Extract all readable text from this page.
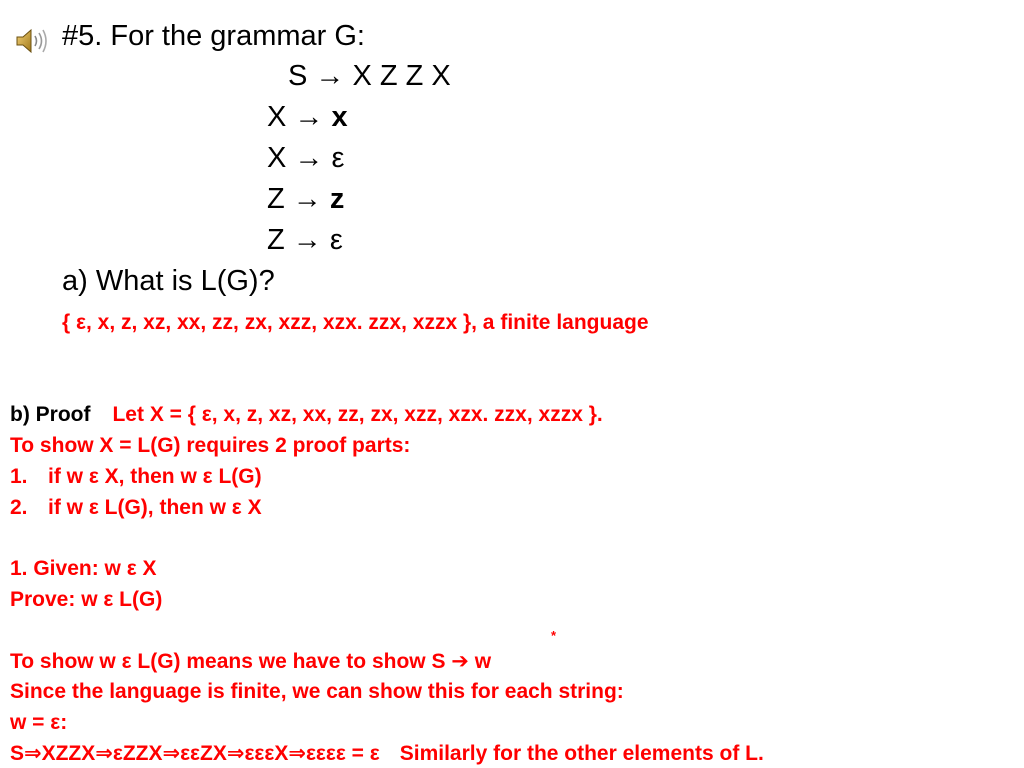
#5. For the grammar G:
S → X Z Z X
X → x
X → ε
Z → z
Z → ε
a) What is L(G)?
{ ε, x, z, xz, xx, zz, zx, xzz, xzx. zzx, xzzx }, a finite language
b) Proof Let X = { ε, x, z, xz, xx, zz, zx, xzz, xzx. zzx, xzzx }.
To show X = L(G) requires 2 proof parts:
1. if w ε X, then w ε L(G)
2. if w ε L(G), then w ε X
1. Given: w ε X
Prove: w ε L(G)
*
To show w ε L(G) means we have to show S ➔ w
Since the language is finite, we can show this for each string:
w = ε:
S⇒XZZX⇒εZZX⇒εεZX⇒εεεX⇒εεεε = ε Similarly for the other elements of L.
